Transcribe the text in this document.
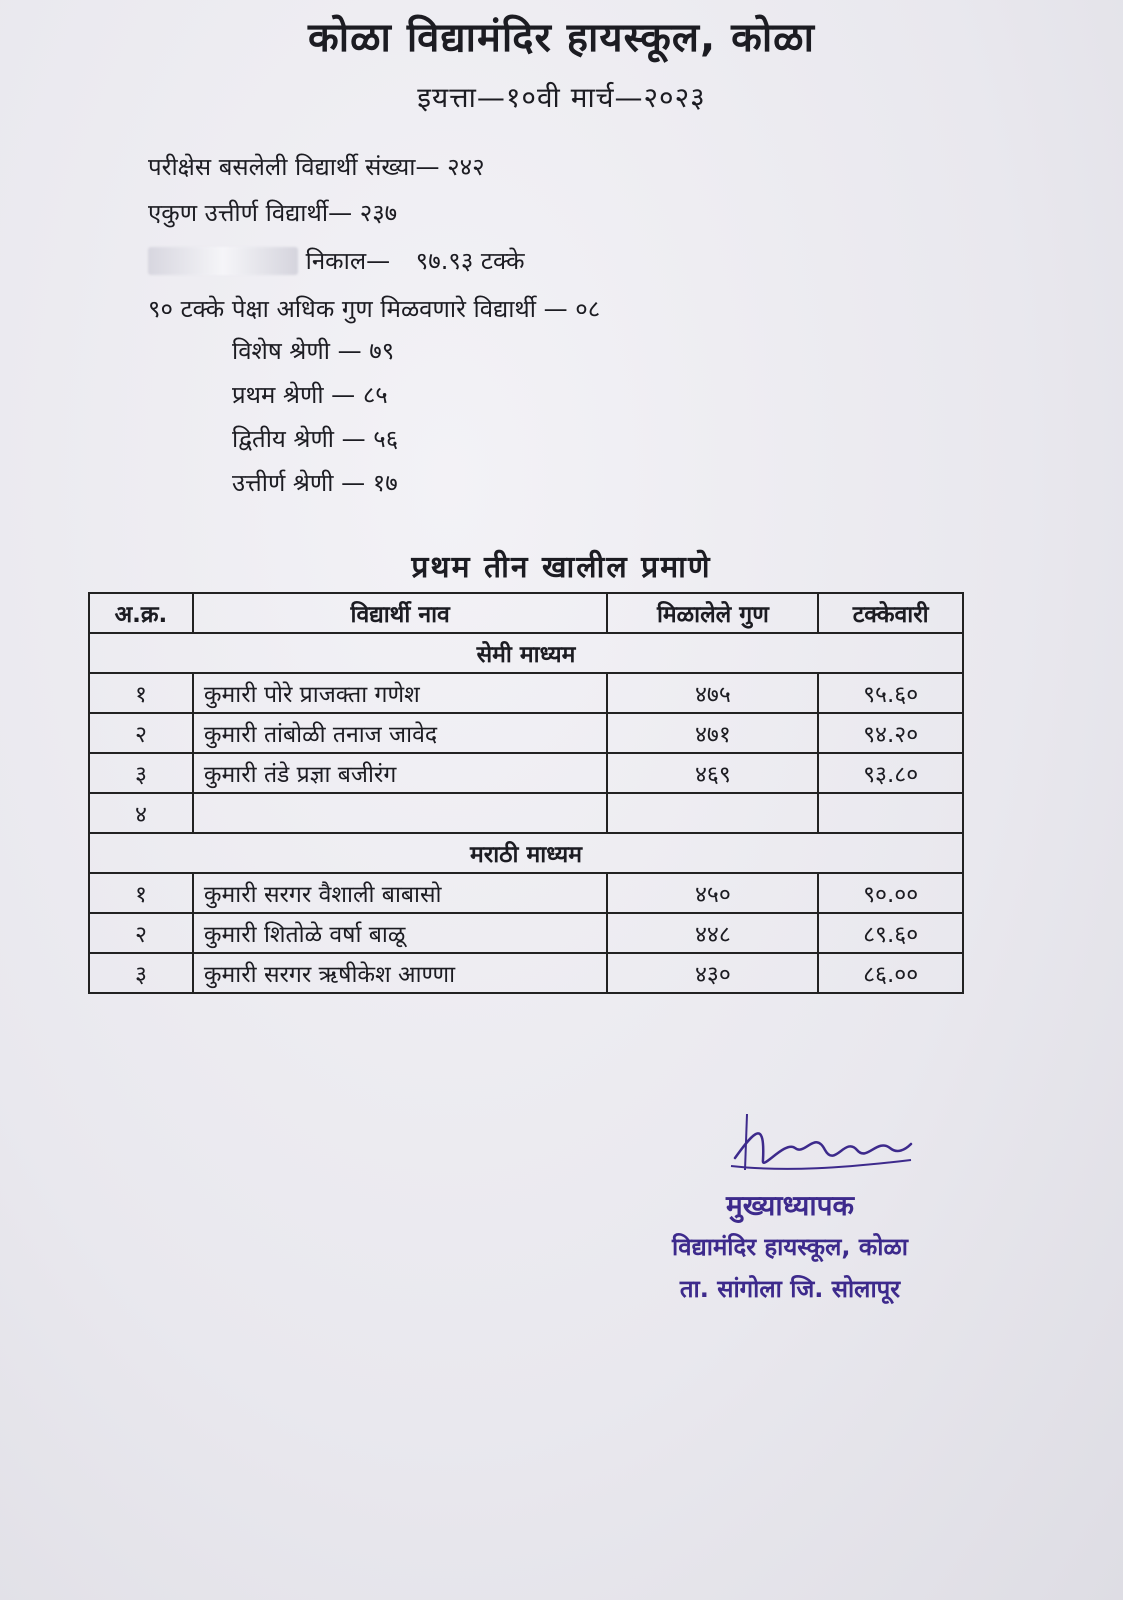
कोळा विद्यामंदिर हायस्कूल, कोळा
इयत्ता—१०वी मार्च—२०२३
परीक्षेस बसलेली विद्यार्थी संख्या— २४२
एकुण उत्तीर्ण विद्यार्थी— २३७
निकाल— ९७.९३ टक्के
९० टक्के पेक्षा अधिक गुण मिळवणारे विद्यार्थी — ०८
विशेष श्रेणी — ७९
प्रथम श्रेणी — ८५
द्वितीय श्रेणी — ५६
उत्तीर्ण श्रेणी — १७
प्रथम तीन खालील प्रमाणे
अ.क्र.	विद्यार्थी नाव	मिळालेले गुण	टक्केवारी
सेमी माध्यम			
१	कुमारी पोरे प्राजक्ता गणेश	४७५	९५.६०
२	कुमारी तांबोळी तनाज जावेद	४७१	९४.२०
३	कुमारी तंडे प्रज्ञा बजीरंग	४६९	९३.८०
४			
मराठी माध्यम			
१	कुमारी सरगर वैशाली बाबासो	४५०	९०.००
२	कुमारी शितोळे वर्षा बाळू	४४८	८९.६०
३	कुमारी सरगर ऋषीकेश आण्णा	४३०	८६.००
मुख्याध्यापक
विद्यामंदिर हायस्कूल, कोळा
ता. सांगोला जि. सोलापूर
